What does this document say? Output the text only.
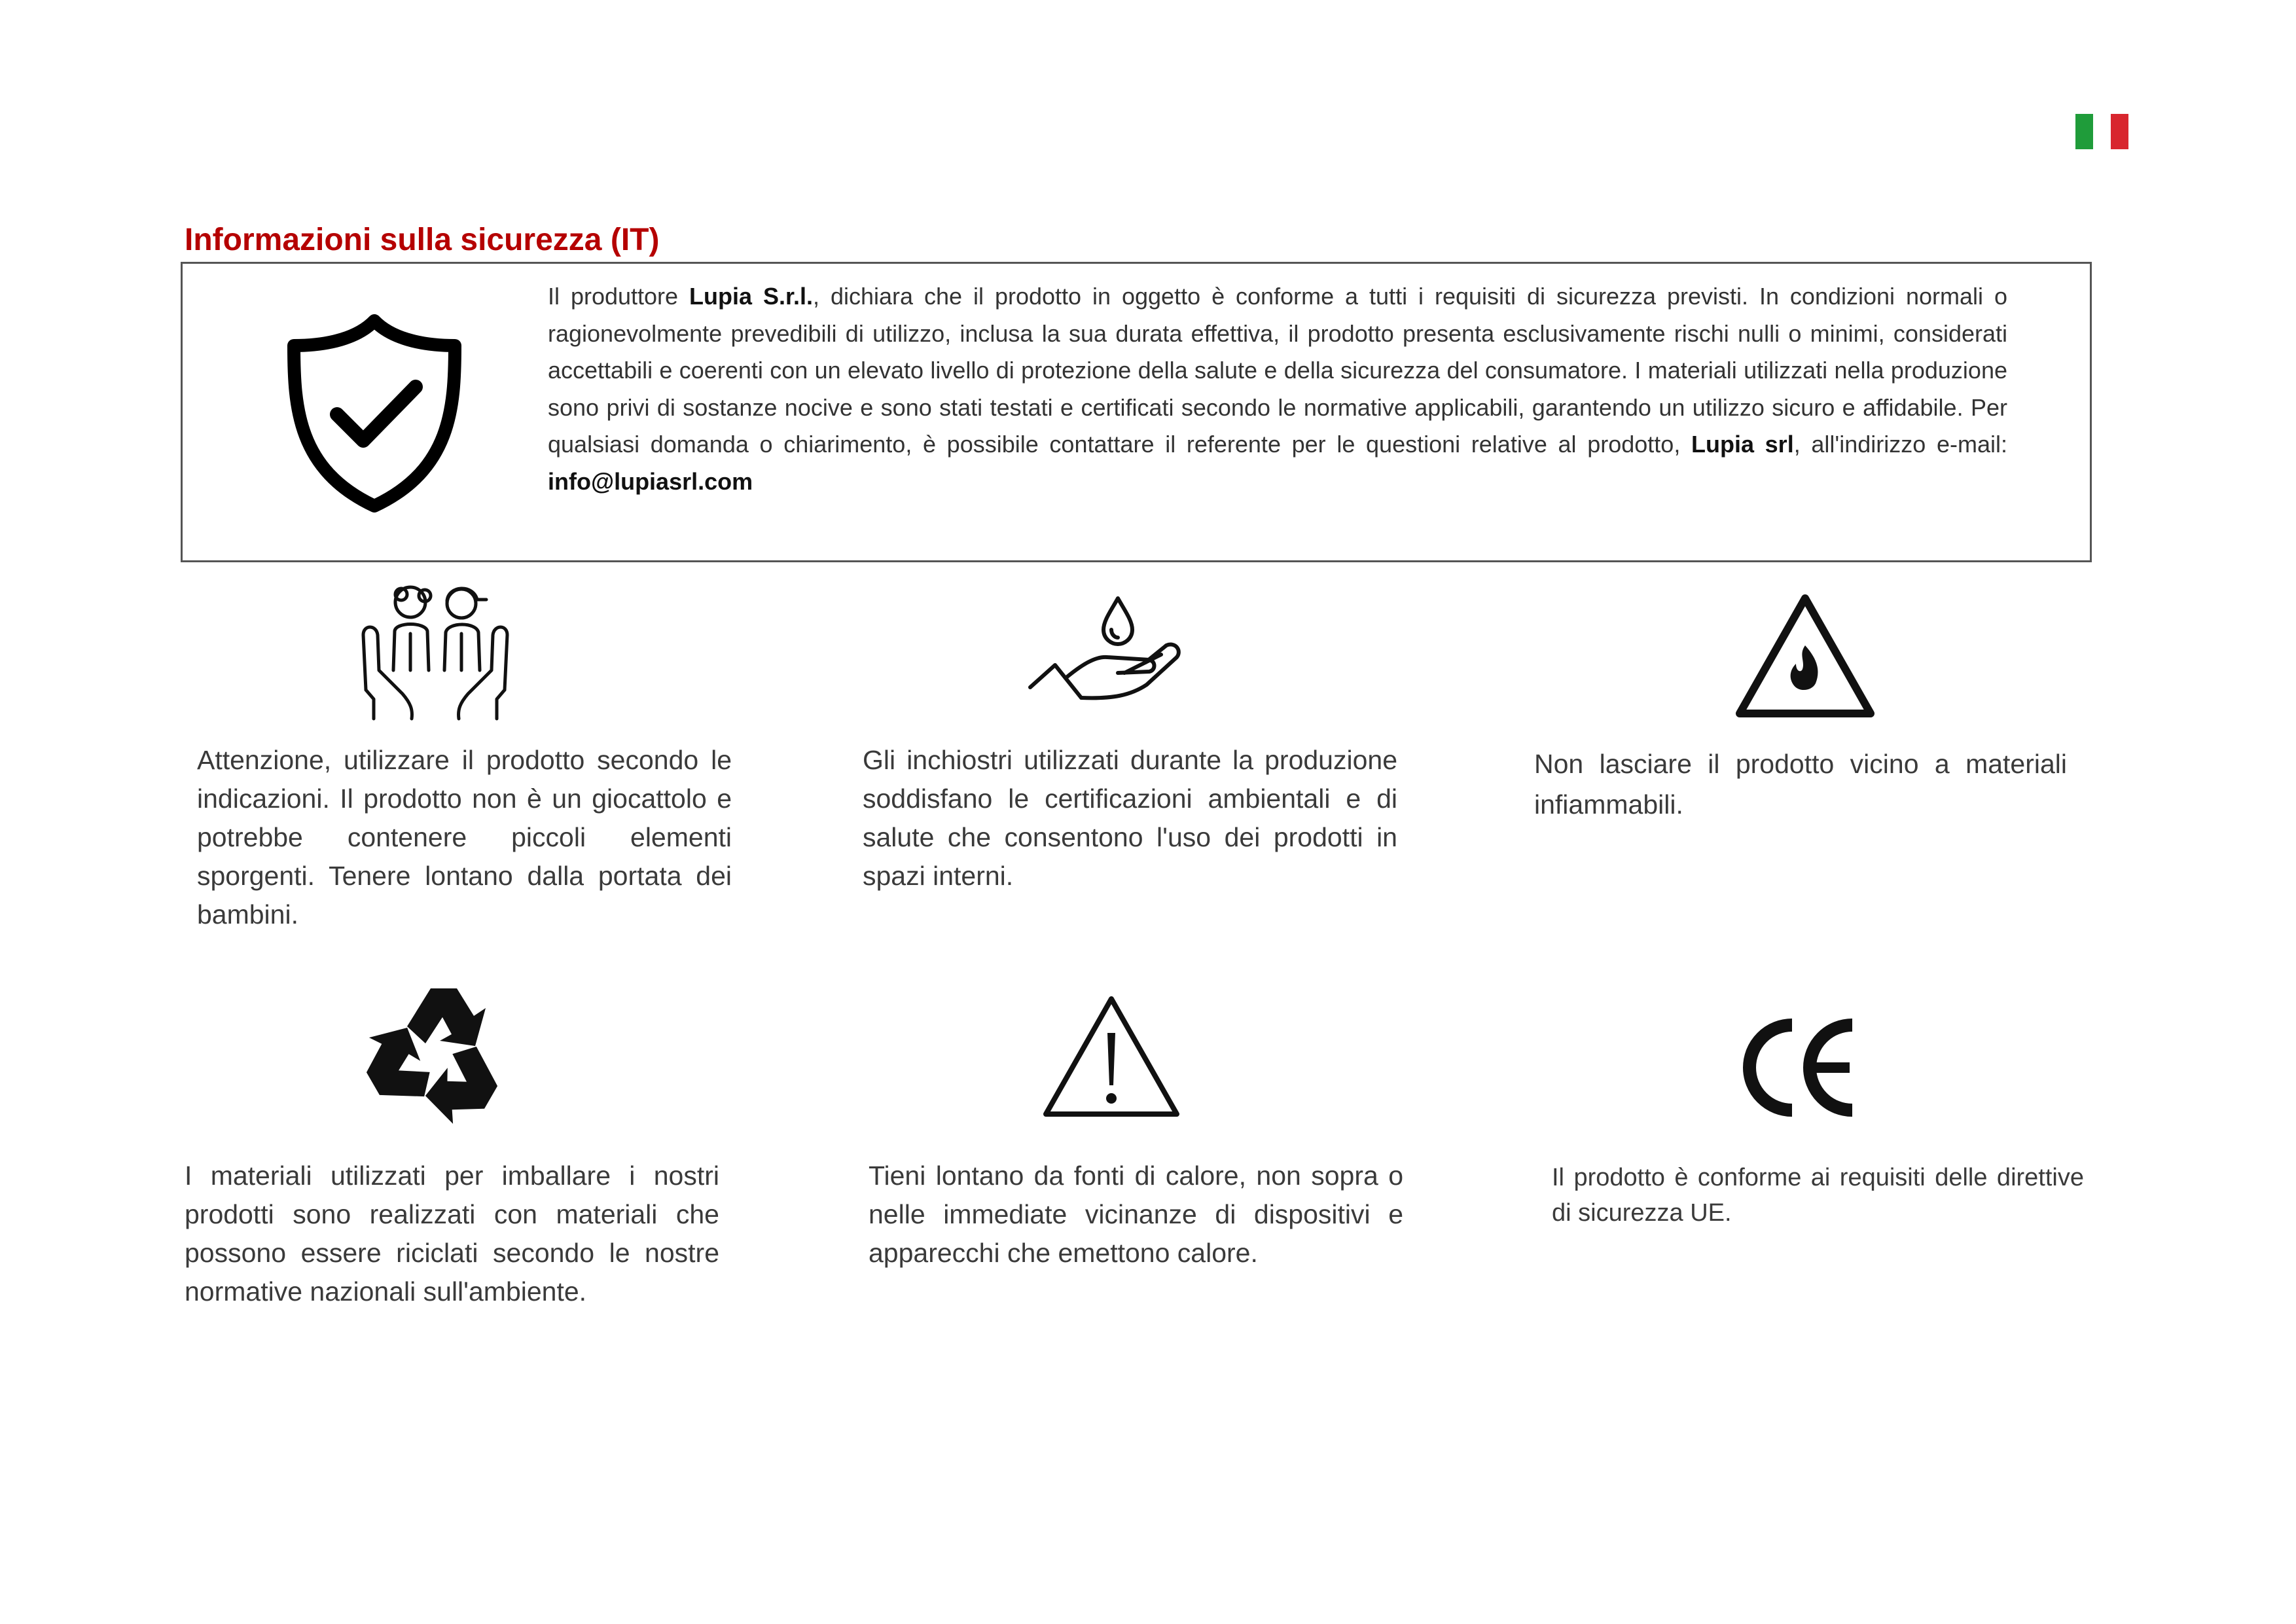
Informazioni sulla sicurezza (IT)

Il produttore Lupia S.r.l., dichiara che il prodotto in oggetto è conforme a tutti i requisiti di sicurezza previsti. In condizioni normali o ragionevolmente prevedibili di utilizzo, inclusa la sua durata effettiva, il prodotto presenta esclusivamente rischi nulli o minimi, considerati accettabili e coerenti con un elevato livello di protezione della salute e della sicurezza del consumatore. I materiali utilizzati nella produzione sono privi di sostanze nocive e sono stati testati e certificati secondo le normative applicabili, garantendo un utilizzo sicuro e affidabile. Per qualsiasi domanda o chiarimento, è possibile contattare il referente per le questioni relative al prodotto, Lupia srl, all'indirizzo e-mail: info@lupiasrl.com

Attenzione, utilizzare il prodotto secondo le indicazioni. Il prodotto non è un giocattolo e potrebbe contenere piccoli elementi sporgenti. Tenere lontano dalla portata dei bambini.

Gli inchiostri utilizzati durante la produzione soddisfano le certificazioni ambientali e di salute che consentono l'uso dei prodotti in spazi interni.

Non lasciare il prodotto vicino a materiali infiammabili.

I materiali utilizzati per imballare i nostri prodotti sono realizzati con materiali che possono essere riciclati secondo le nostre normative nazionali sull'ambiente.

Tieni lontano da fonti di calore, non sopra o nelle immediate vicinanze di dispositivi e apparecchi che emettono calore.

Il prodotto è conforme ai requisiti delle direttive di sicurezza UE.
